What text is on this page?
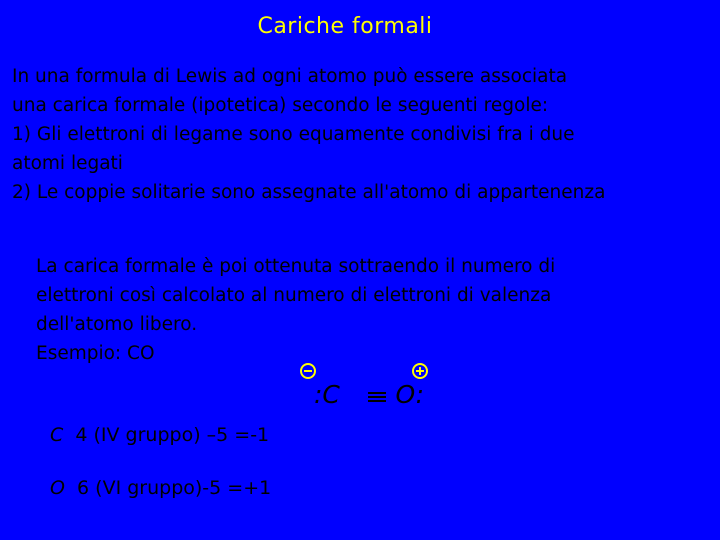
Cariche formali
In una formula di Lewis ad ogni atomo può essere associata
una carica formale (ipotetica) secondo le seguenti regole:
1) Gli elettroni di legame sono equamente condivisi fra i due
atomi legati
2) Le coppie solitarie sono assegnate all'atomo di appartenenza
La carica formale è poi ottenuta sottraendo il numero di
elettroni così calcolato al numero di elettroni di valenza
dell'atomo libero.
Esempio: CO
:C O:
C  4 (IV gruppo) –5 =-1
O  6 (VI gruppo)-5 =+1
